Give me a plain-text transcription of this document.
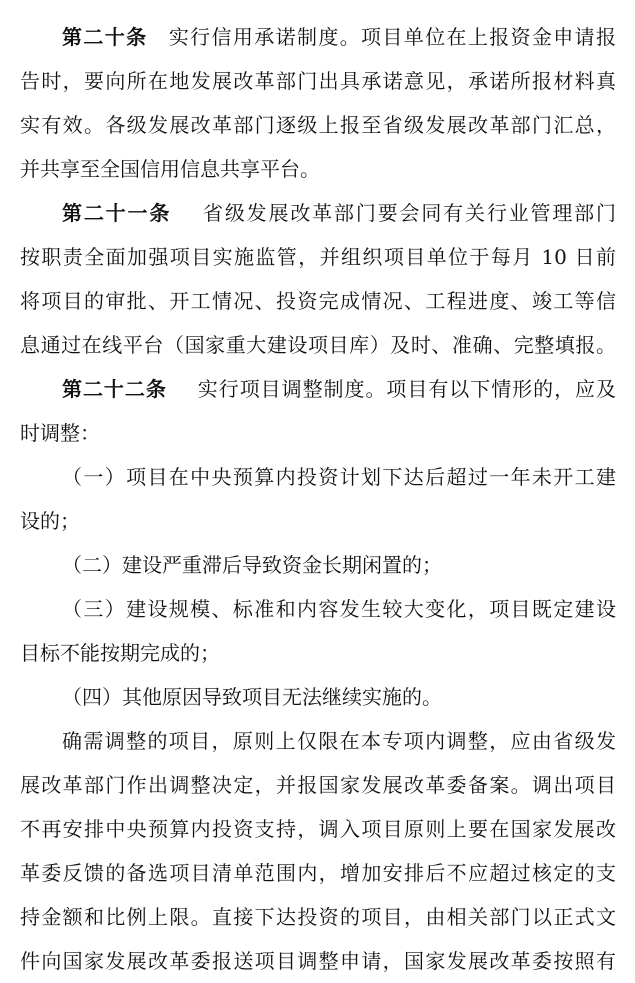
第二十条 实行信用承诺制度。项目单位在上报资金申请报
告时，要向所在地发展改革部门出具承诺意见，承诺所报材料真
实有效。各级发展改革部门逐级上报至省级发展改革部门汇总，
并共享至全国信用信息共享平台。
第二十一条 省级发展改革部门要会同有关行业管理部门
按职责全面加强项目实施监管，并组织项目单位于每月 10 日前
将项目的审批、开工情况、投资完成情况、工程进度、竣工等信
息通过在线平台（国家重大建设项目库）及时、准确、完整填报。
第二十二条 实行项目调整制度。项目有以下情形的，应及
时调整：
（一）项目在中央预算内投资计划下达后超过一年未开工建
设的；
（二）建设严重滞后导致资金长期闲置的；
（三）建设规模、标准和内容发生较大变化，项目既定建设
目标不能按期完成的；
（四）其他原因导致项目无法继续实施的。
确需调整的项目，原则上仅限在本专项内调整，应由省级发
展改革部门作出调整决定，并报国家发展改革委备案。调出项目
不再安排中央预算内投资支持，调入项目原则上要在国家发展改
革委反馈的备选项目清单范围内，增加安排后不应超过核定的支
持金额和比例上限。直接下达投资的项目，由相关部门以正式文
件向国家发展改革委报送项目调整申请，国家发展改革委按照有
